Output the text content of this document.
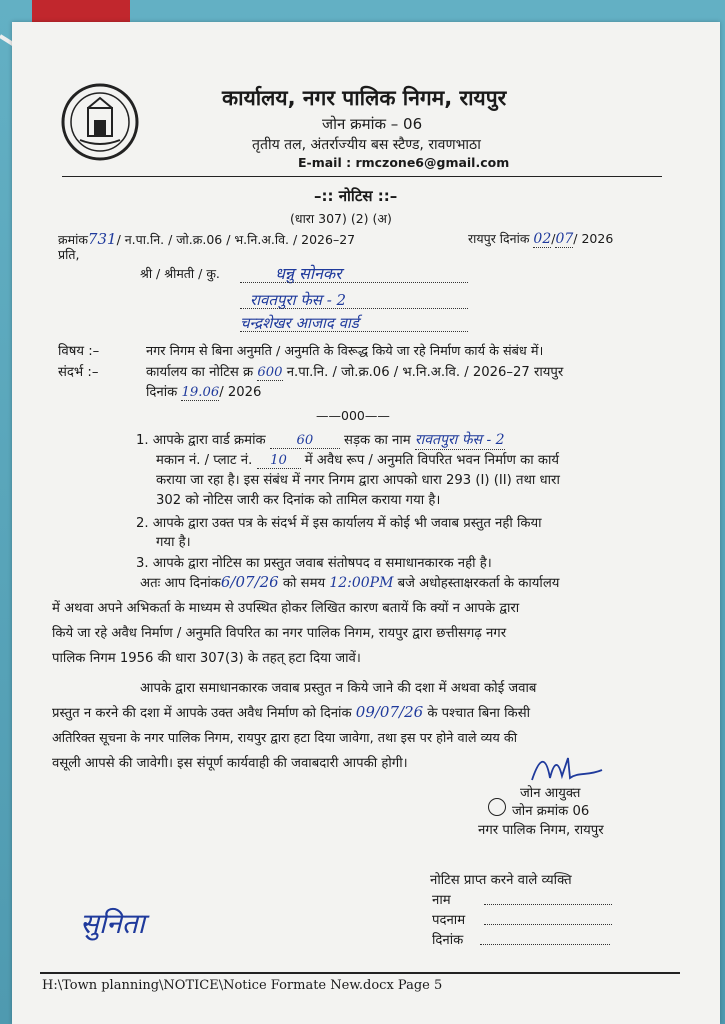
कार्यालय, नगर पालिक निगम, रायपुर
जोन क्रमांक – 06
तृतीय तल, अंतर्राज्यीय बस स्टैण्ड, रावणभाठा
E-mail : rmczone6@gmail.com
–:: नोटिस ::–
(धारा 307) (2) (अ)
क्रमांक731/ न.पा.नि. / जो.क्र.06 / भ.नि.अ.वि. / 2026–27	रायपुर दिनांक 02/07/ 2026
प्रति,
श्री / श्रीमती / कु.	धन्नु सोनकर
रावतपुरा फेस - 2
चन्द्रशेखर आजाद वार्ड
विषय :–	नगर निगम से बिना अनुमति / अनुमति के विरूद्ध किये जा रहे निर्माण कार्य के संबंध में।
संदर्भ :–	कार्यालय का नोटिस क्र 600 न.पा.नि. / जो.क्र.06 / भ.नि.अ.वि. / 2026–27 रायपुर
दिनांक 19.06/ 2026
——000——
1. आपके द्वारा वार्ड क्रमांक 60 सड़क का नाम रावतपुरा फेस - 2
मकान नं. / प्लाट नं. 10 में अवैध रूप / अनुमति विपरित भवन निर्माण का कार्य
कराया जा रहा है। इस संबंध में नगर निगम द्वारा आपको धारा 293 (I) (II) तथा धारा
302 को नोटिस जारी कर दिनांक को तामिल कराया गया है।
2. आपके द्वारा उक्त पत्र के संदर्भ में इस कार्यालय में कोई भी जवाब प्रस्तुत नही किया
गया है।
3. आपके द्वारा नोटिस का प्रस्तुत जवाब संतोषपद व समाधानकारक नही है।
अतः आप दिनांक6/07/26 को समय 12:00PM बजे अधोहस्ताक्षरकर्ता के कार्यालय
में अथवा अपने अभिकर्ता के माध्यम से उपस्थित होकर लिखित कारण बतायें कि क्यों न आपके द्वारा
किये जा रहे अवैध निर्माण / अनुमति विपरित का नगर पालिक निगम, रायपुर द्वारा छत्तीसगढ़ नगर
पालिक निगम 1956 की धारा 307(3) के तहत् हटा दिया जावें।
आपके द्वारा समाधानकारक जवाब प्रस्तुत न किये जाने की दशा में अथवा कोई जवाब
प्रस्तुत न करने की दशा में आपके उक्त अवैध निर्माण को दिनांक 09/07/26 के पश्चात बिना किसी
अतिरिक्त सूचना के नगर पालिक निगम, रायपुर द्वारा हटा दिया जावेगा, तथा इस पर होने वाले व्यय की
वसूली आपसे की जावेगी। इस संपूर्ण कार्यवाही की जवाबदारी आपकी होगी।
जोन आयुक्त
जोन क्रमांक 06
नगर पालिक निगम, रायपुर
नोटिस प्राप्त करने वाले व्यक्ति
नाम
पदनाम
दिनांक
सुनिता
H:\Town planning\NOTICE\Notice Formate New.docx Page 5
